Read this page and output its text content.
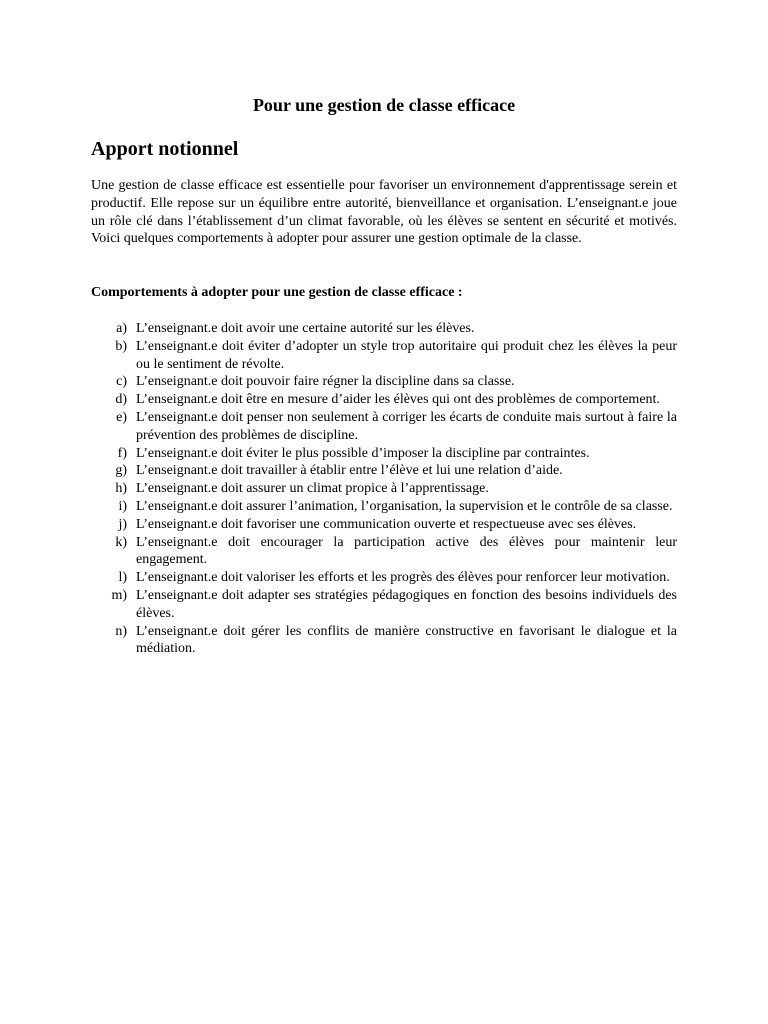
Pour une gestion de classe efficace
Apport notionnel

Une gestion de classe efficace est essentielle pour favoriser un environnement d'apprentissage serein et productif. Elle repose sur un équilibre entre autorité, bienveillance et organisation. L’enseignant.e joue un rôle clé dans l’établissement d’un climat favorable, où les élèves se sentent en sécurité et motivés. Voici quelques comportements à adopter pour assurer une gestion optimale de la classe.

Comportements à adopter pour une gestion de classe efficace :
a) L’enseignant.e doit avoir une certaine autorité sur les élèves.
b) L’enseignant.e doit éviter d’adopter un style trop autoritaire qui produit chez les élèves la peur ou le sentiment de révolte.
c) L’enseignant.e doit pouvoir faire régner la discipline dans sa classe.
d) L’enseignant.e doit être en mesure d’aider les élèves qui ont des problèmes de comportement.
e) L’enseignant.e doit penser non seulement à corriger les écarts de conduite mais surtout à faire la prévention des problèmes de discipline.
f) L’enseignant.e doit éviter le plus possible d’imposer la discipline par contraintes.
g) L’enseignant.e doit travailler à établir entre l’élève et lui une relation d’aide.
h) L’enseignant.e doit assurer un climat propice à l’apprentissage.
i) L’enseignant.e doit assurer l’animation, l’organisation, la supervision et le contrôle de sa classe.
j) L’enseignant.e doit favoriser une communication ouverte et respectueuse avec ses élèves.
k) L’enseignant.e doit encourager la participation active des élèves pour maintenir leur engagement.
l) L’enseignant.e doit valoriser les efforts et les progrès des élèves pour renforcer leur motivation.
m) L’enseignant.e doit adapter ses stratégies pédagogiques en fonction des besoins individuels des élèves.
n) L’enseignant.e doit gérer les conflits de manière constructive en favorisant le dialogue et la médiation.
